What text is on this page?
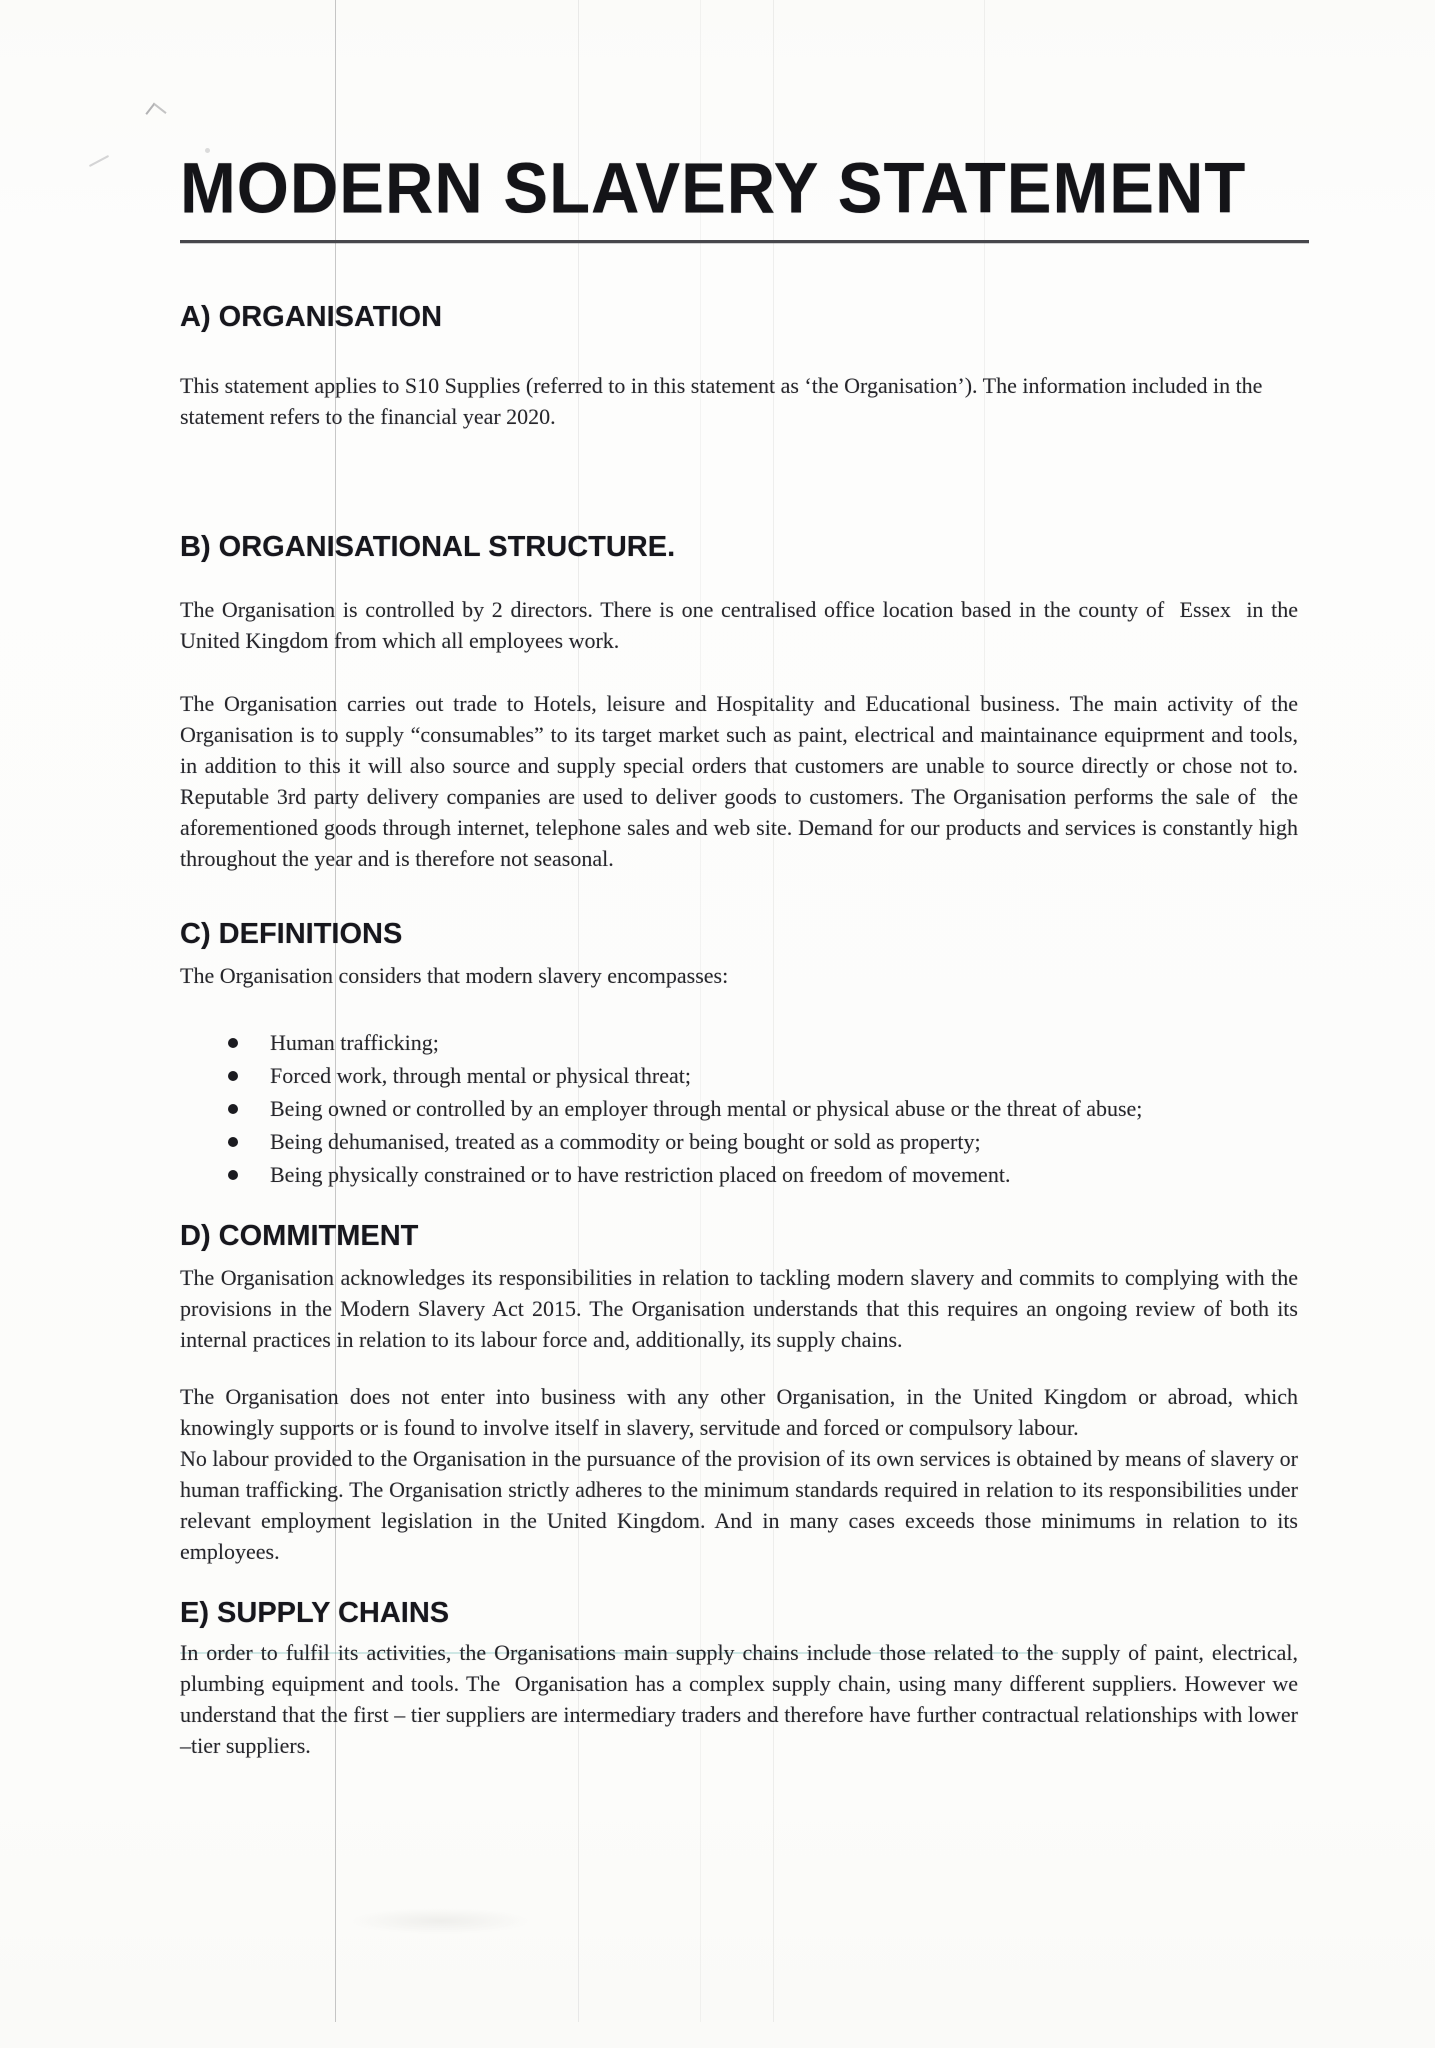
MODERN SLAVERY STATEMENT
A) ORGANISATION

This statement applies to S10 Supplies (referred to in this statement as ‘the Organisation’). The information included in the statement refers to the financial year 2020.

B) ORGANISATIONAL STRUCTURE.

The Organisation is controlled by 2 directors. There is one centralised office location based in the county of  Essex  in the United Kingdom from which all employees work.

The Organisation carries out trade to Hotels, leisure and Hospitality and Educational business. The main activity of the Organisation is to supply “consumables” to its target market such as paint, electrical and maintainance equiprment and tools, in addition to this it will also source and supply special orders that customers are unable to source directly or chose not to. Reputable 3rd party delivery companies are used to deliver goods to customers. The Organisation performs the sale of  the aforementioned goods through internet, telephone sales and web site. Demand for our products and services is constantly high throughout the year and is therefore not seasonal.

C) DEFINITIONS

The Organisation considers that modern slavery encompasses:

Human trafficking;
Forced work, through mental or physical threat;
Being owned or controlled by an employer through mental or physical abuse or the threat of abuse;
Being dehumanised, treated as a commodity or being bought or sold as property;
Being physically constrained or to have restriction placed on freedom of movement.
D) COMMITMENT

The Organisation acknowledges its responsibilities in relation to tackling modern slavery and commits to complying with the provisions in the Modern Slavery Act 2015. The Organisation understands that this requires an ongoing review of both its internal practices in relation to its labour force and, additionally, its supply chains.

The Organisation does not enter into business with any other Organisation, in the United Kingdom or abroad, which knowingly supports or is found to involve itself in slavery, servitude and forced or compulsory labour.

No labour provided to the Organisation in the pursuance of the provision of its own services is obtained by means of slavery or human trafficking. The Organisation strictly adheres to the minimum standards required in relation to its responsibilities under relevant employment legislation in the United Kingdom. And in many cases exceeds those minimums in relation to its employees.

E) SUPPLY CHAINS

In order to fulfil its activities, the Organisations main supply chains include those related to the supply of paint, electrical, plumbing equipment and tools. The  Organisation has a complex supply chain, using many different suppliers. However we understand that the first – tier suppliers are intermediary traders and therefore have further contractual relationships with lower –tier suppliers.
